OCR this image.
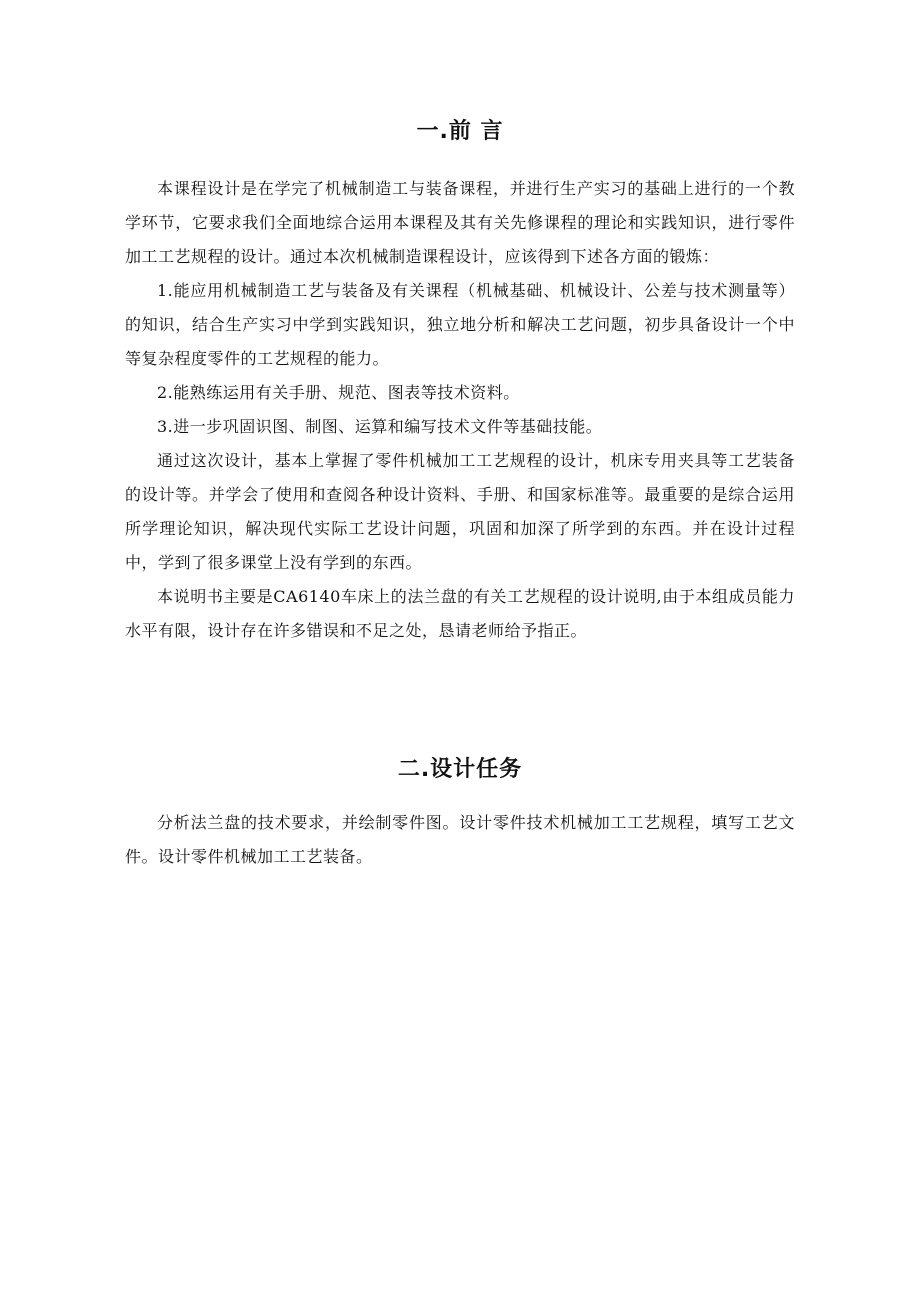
一.前 言

本课程设计是在学完了机械制造工与装备课程，并进行生产实习的基础上进行的一个教学环节，它要求我们全面地综合运用本课程及其有关先修课程的理论和实践知识，进行零件加工工艺规程的设计。通过本次机械制造课程设计，应该得到下述各方面的锻炼：

1.能应用机械制造工艺与装备及有关课程（机械基础、机械设计、公差与技术测量等）的知识，结合生产实习中学到实践知识，独立地分析和解决工艺问题，初步具备设计一个中等复杂程度零件的工艺规程的能力。

2.能熟练运用有关手册、规范、图表等技术资料。

3.进一步巩固识图、制图、运算和编写技术文件等基础技能。

通过这次设计，基本上掌握了零件机械加工工艺规程的设计，机床专用夹具等工艺装备的设计等。并学会了使用和查阅各种设计资料、手册、和国家标准等。最重要的是综合运用所学理论知识，解决现代实际工艺设计问题，巩固和加深了所学到的东西。并在设计过程中，学到了很多课堂上没有学到的东西。

本说明书主要是CA6140车床上的法兰盘的有关工艺规程的设计说明,由于本组成员能力水平有限，设计存在许多错误和不足之处，恳请老师给予指正。

二.设计任务

分析法兰盘的技术要求，并绘制零件图。设计零件技术机械加工工艺规程，填写工艺文件。设计零件机械加工工艺装备。
